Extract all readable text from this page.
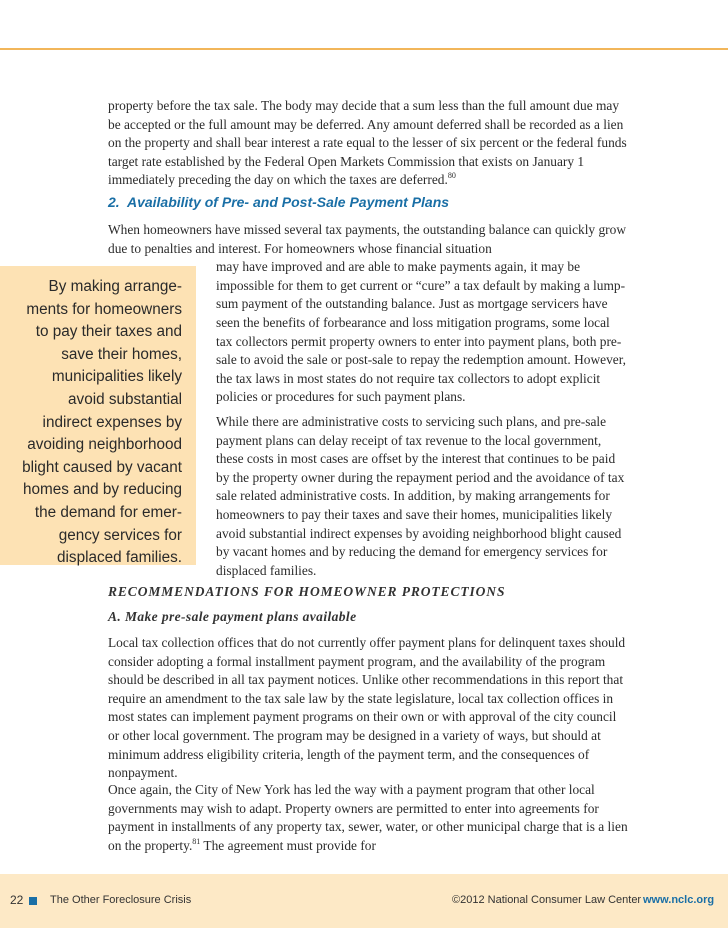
property before the tax sale. The body may decide that a sum less than the full amount due may be accepted or the full amount may be deferred. Any amount deferred shall be recorded as a lien on the property and shall bear interest a rate equal to the lesser of six percent or the federal funds target rate established by the Federal Open Markets Commission that exists on January 1 immediately preceding the day on which the taxes are deferred.$^{80}$

2. Availability of Pre- and Post-Sale Payment Plans

By making arrangements for homeowners to pay their taxes and save their homes, municipalities likely avoid substantial indirect expenses by avoiding neighborhood blight caused by vacant homes and by reducing the demand for emergency services for displaced families.

When homeowners have missed several tax payments, the outstanding balance can quickly grow due to penalties and interest. For homeowners whose financial situation

may have improved and are able to make payments again, it may be impossible for them to get current or “cure” a tax default by making a lump-sum payment of the outstanding balance. Just as mortgage servicers have seen the benefits of forbearance and loss mitigation programs, some local tax collectors permit property owners to enter into payment plans, both pre-sale to avoid the sale or post-sale to repay the redemption amount. However, the tax laws in most states do not require tax collectors to adopt explicit policies or procedures for such payment plans.

While there are administrative costs to servicing such plans, and pre-sale payment plans can delay receipt of tax revenue to the local government, these costs in most cases are offset by the interest that continues to be paid by the property owner during the repayment period and the avoidance of tax sale related administrative costs. In addition, by making arrangements for homeowners to pay their taxes and save their homes, municipalities likely avoid substantial indirect expenses by avoiding neighborhood blight caused by vacant homes and by reducing the demand for emergency services for displaced families.

RECOMMENDATIONS FOR HOMEOWNER PROTECTIONS
A. Make pre-sale payment plans available

Local tax collection offices that do not currently offer payment plans for delinquent taxes should consider adopting a formal installment payment program, and the availability of the program should be described in all tax payment notices. Unlike other recommendations in this report that require an amendment to the tax sale law by the state legislature, local tax collection offices in most states can implement payment programs on their own or with approval of the city council or other local government. The program may be designed in a variety of ways, but should at minimum address eligibility criteria, length of the payment term, and the consequences of nonpayment.

Once again, the City of New York has led the way with a payment program that other local governments may wish to adapt. Property owners are permitted to enter into agreements for payment in installments of any property tax, sewer, water, or other municipal charge that is a lien on the property.$^{81}$ The agreement must provide for

22 The Other Foreclosure Crisis	©2012 National Consumer Law Center www.nclc.org
